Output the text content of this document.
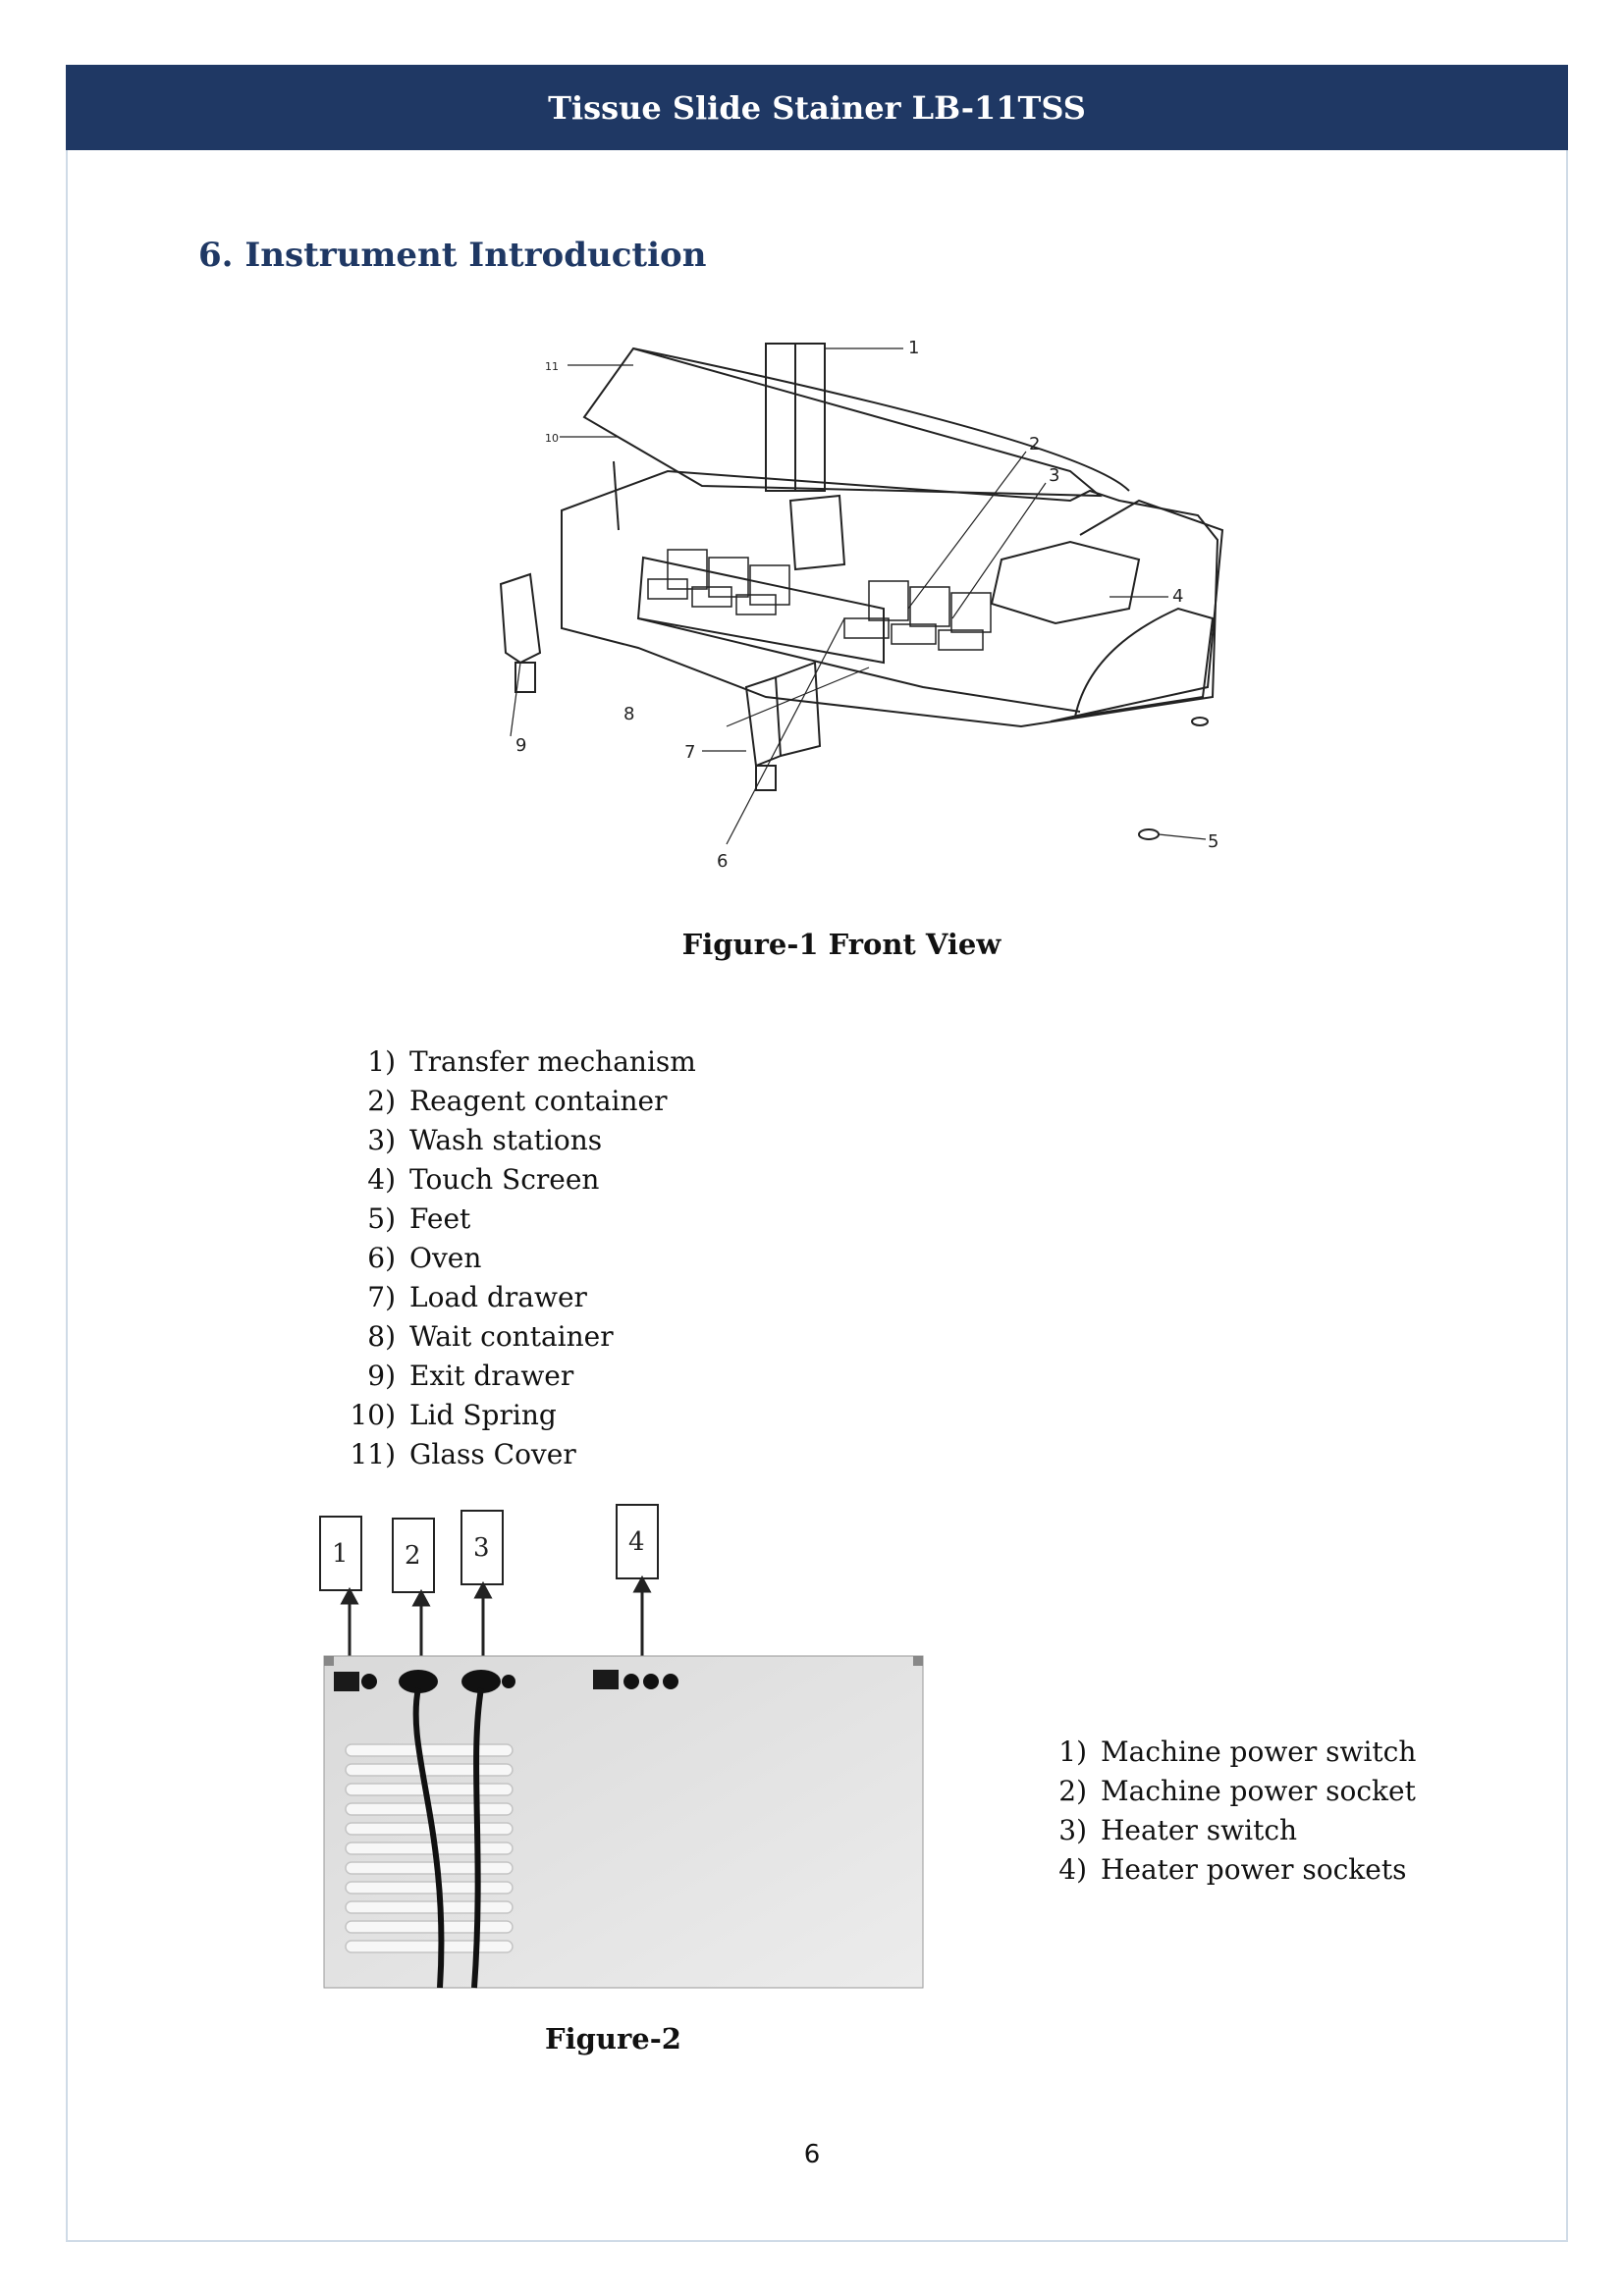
Tissue Slide Stainer LB-11TSS
6. Instrument Introduction
1
2
3
4
5
6
7
8
9
10
11
Figure-1 Front View
1) Transfer mechanism
2) Reagent container
3) Wash stations
4) Touch Screen
5) Feet
6) Oven
7) Load drawer
8) Wait container
9) Exit drawer
10) Lid Spring
11) Glass Cover
1 2 3	4
1) Machine power switch
2) Machine power socket
3) Heater switch
4) Heater power sockets
Figure-2
6
